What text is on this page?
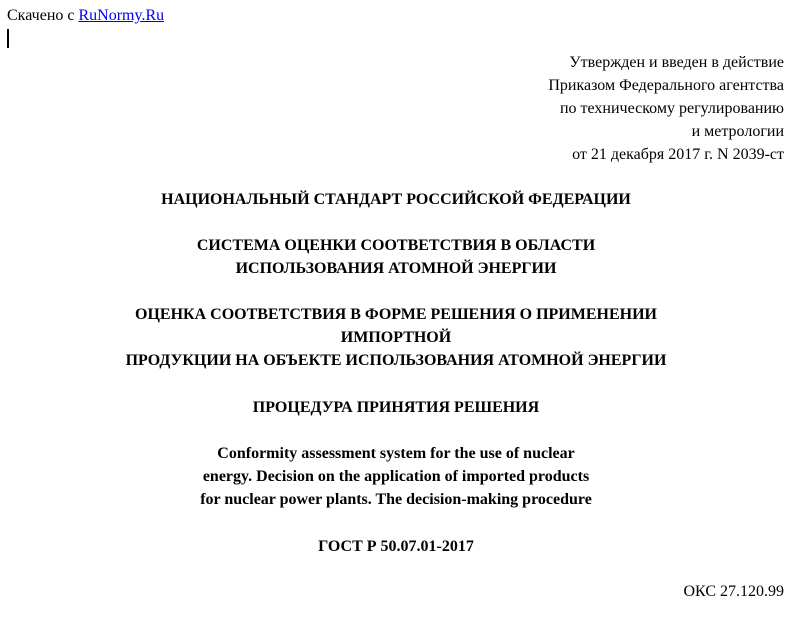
Скачено с RuNormy.Ru
Утвержден и введен в действие
Приказом Федерального агентства
по техническому регулированию
и метрологии
от 21 декабря 2017 г. N 2039-ст
НАЦИОНАЛЬНЫЙ СТАНДАРТ РОССИЙСКОЙ ФЕДЕРАЦИИ
СИСТЕМА ОЦЕНКИ СООТВЕТСТВИЯ В ОБЛАСТИ
ИСПОЛЬЗОВАНИЯ АТОМНОЙ ЭНЕРГИИ
ОЦЕНКА СООТВЕТСТВИЯ В ФОРМЕ РЕШЕНИЯ О ПРИМЕНЕНИИ
ИМПОРТНОЙ
ПРОДУКЦИИ НА ОБЪЕКТЕ ИСПОЛЬЗОВАНИЯ АТОМНОЙ ЭНЕРГИИ
ПРОЦЕДУРА ПРИНЯТИЯ РЕШЕНИЯ
Conformity assessment system for the use of nuclear
energy. Decision on the application of imported products
for nuclear power plants. The decision-making procedure
ГОСТ Р 50.07.01-2017
ОКС 27.120.99
